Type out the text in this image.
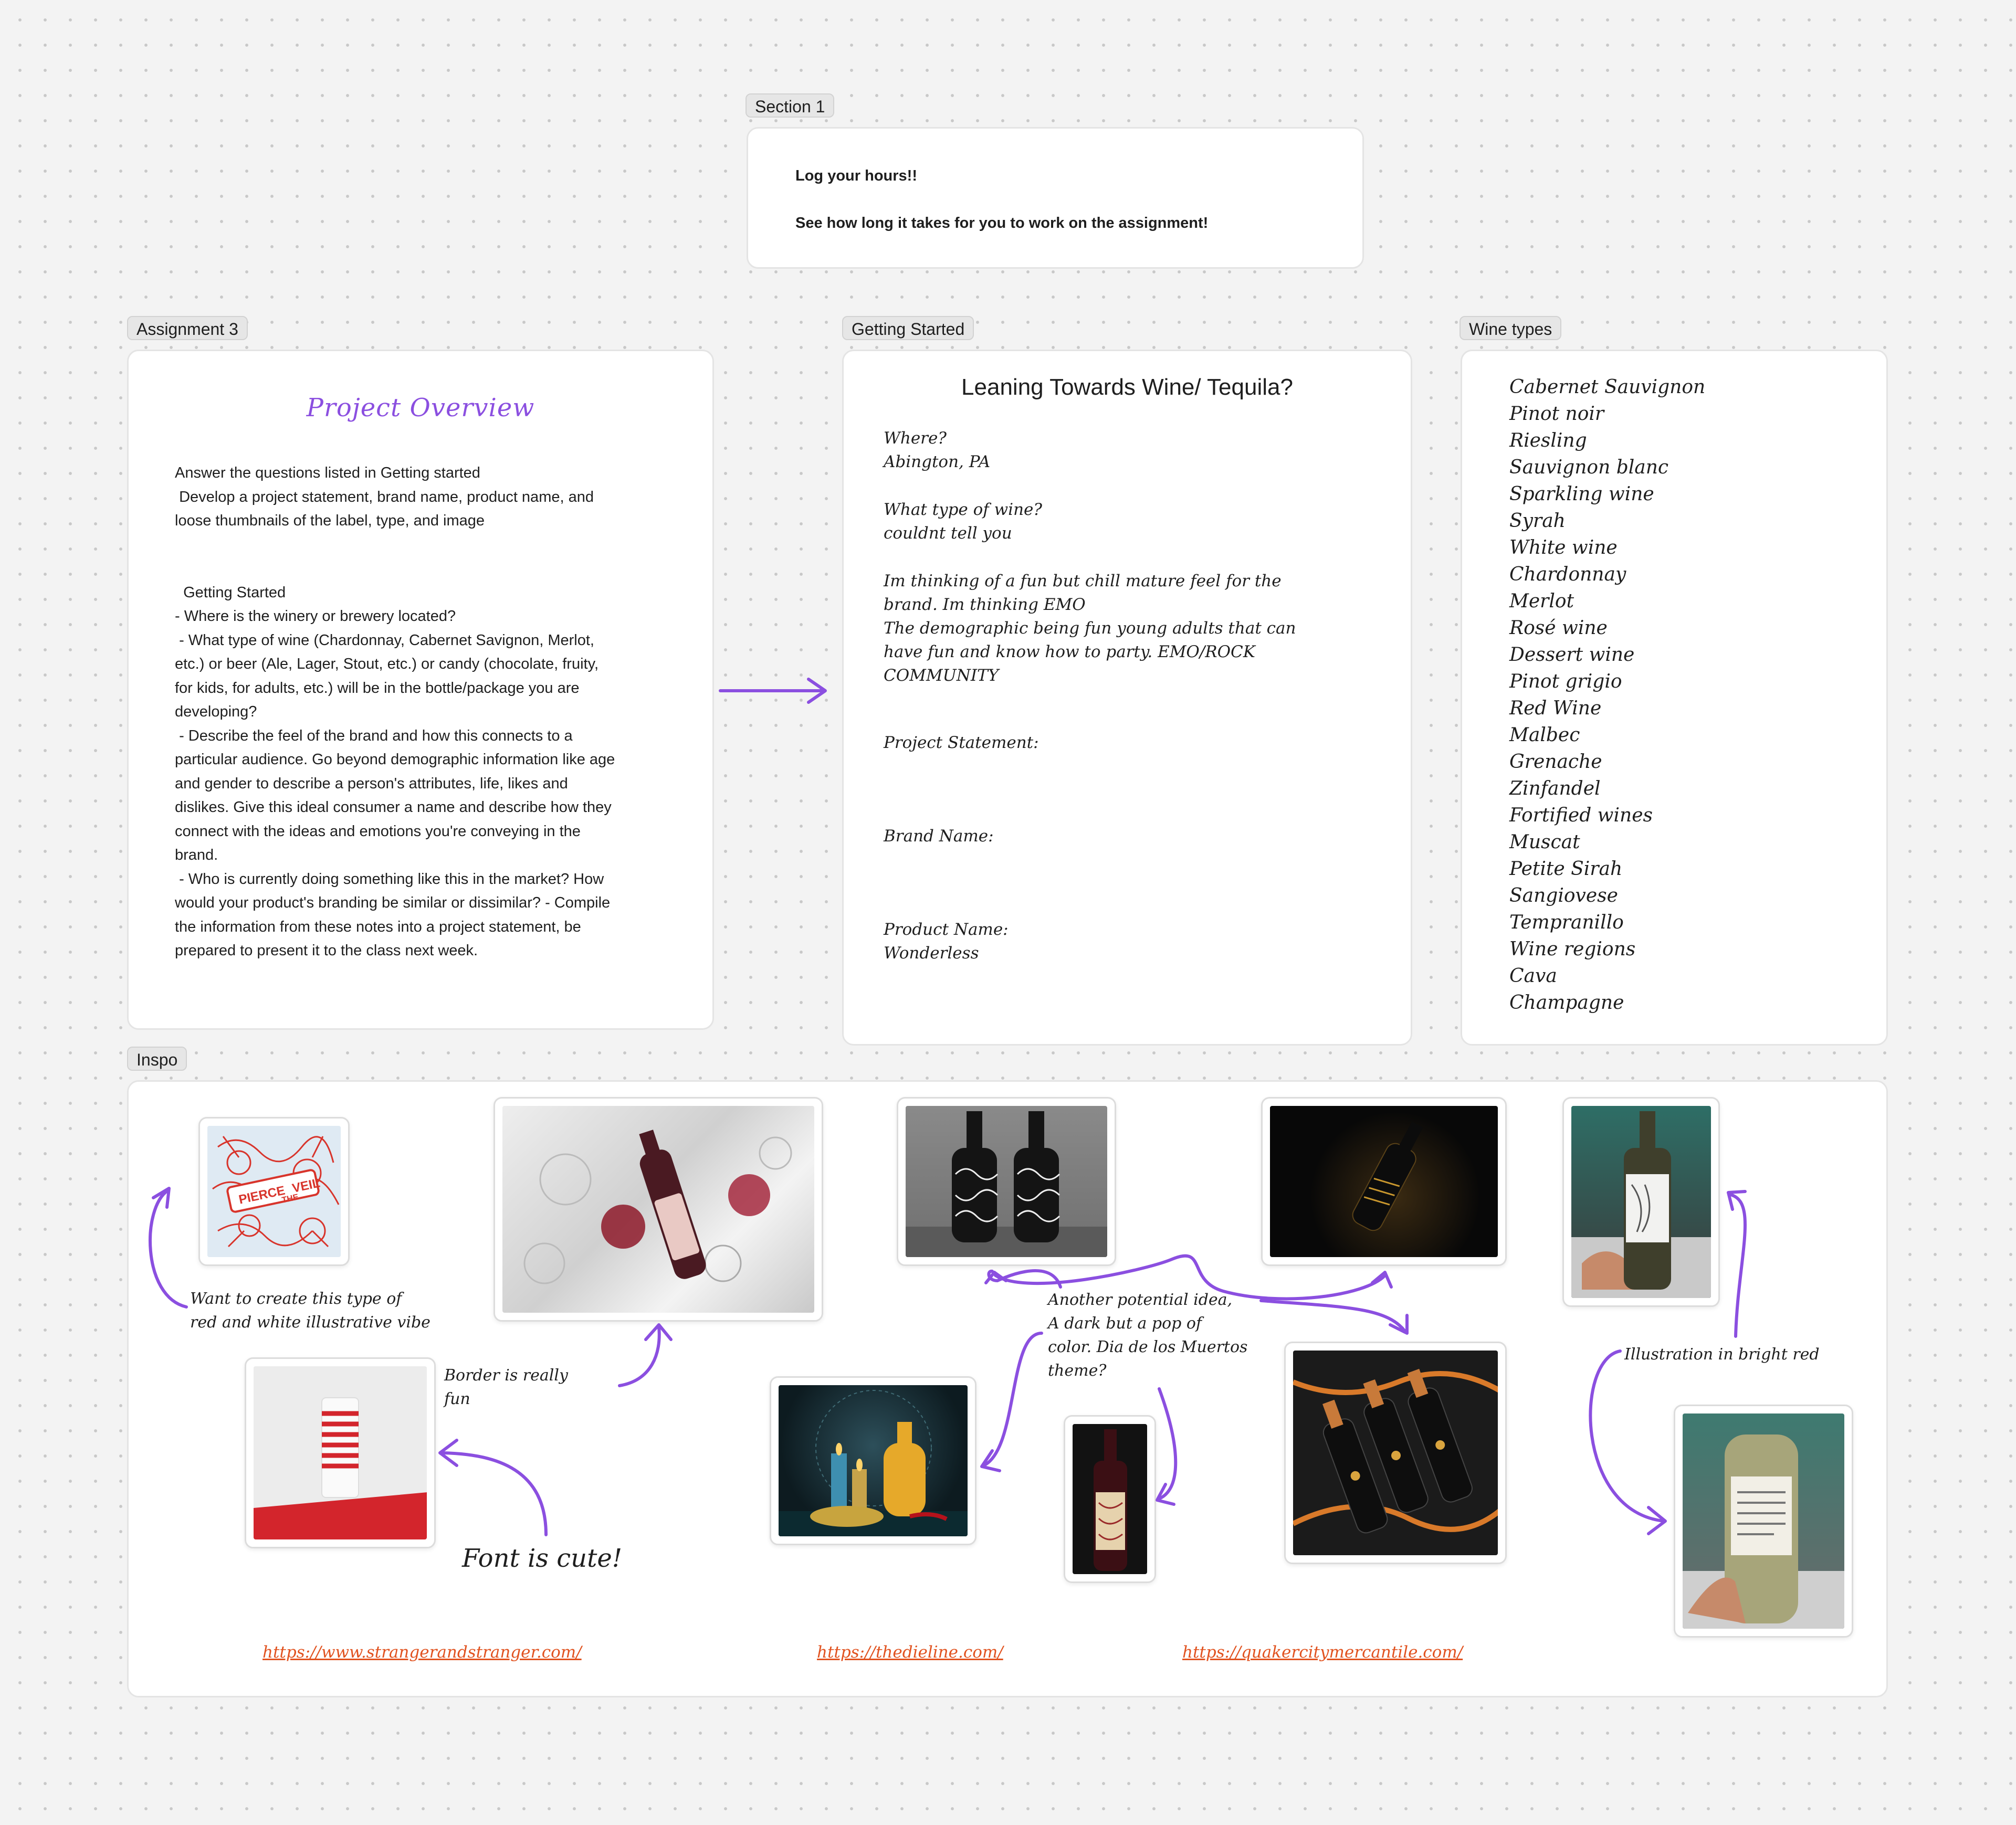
Section 1
Log your hours!!
See how long it takes for you to work on the assignment!
Assignment 3
Project Overview
Answer the questions listed in Getting started
Develop a project statement, brand name, product name, and
loose thumbnails of the label, type, and image

Getting Started
- Where is the winery or brewery located?
- What type of wine (Chardonnay, Cabernet Savignon, Merlot,
etc.) or beer (Ale, Lager, Stout, etc.) or candy (chocolate, fruity,
for kids, for adults, etc.) will be in the bottle/package you are
developing?
- Describe the feel of the brand and how this connects to a
particular audience. Go beyond demographic information like age
and gender to describe a person's attributes, life, likes and
dislikes. Give this ideal consumer a name and describe how they
connect with the ideas and emotions you're conveying in the
brand.
- Who is currently doing something like this in the market? How
would your product's branding be similar or dissimilar? - Compile
the information from these notes into a project statement, be
prepared to present it to the class next week.
Getting Started
Leaning Towards Wine/ Tequila?
Where?
Abington, PA
What type of wine?
couldnt tell you
Im thinking of a fun but chill mature feel for the
brand. Im thinking EMO
The demographic being fun young adults that can
have fun and know how to party. EMO/ROCK
COMMUNITY
Project Statement:
Brand Name:
Product Name:
Wonderless
Wine types
Cabernet Sauvignon
Pinot noir
Riesling
Sauvignon blanc
Sparkling wine
Syrah
White wine
Chardonnay
Merlot
Rosé wine
Dessert wine
Pinot grigio
Red Wine
Malbec
Grenache
Zinfandel
Fortified wines
Muscat
Petite Sirah
Sangiovese
Tempranillo
Wine regions
Cava
Champagne
Inspo
PIERCE
THE
VEIL
Want to create this type of
red and white illustrative vibe
Border is really
fun
Font is cute!
Another potential idea,
A dark but a pop of
color. Dia de los Muertos
theme?
Illustration in bright red
https://www.strangerandstranger.com/	https://thedieline.com/	https://quakercitymercantile.com/
